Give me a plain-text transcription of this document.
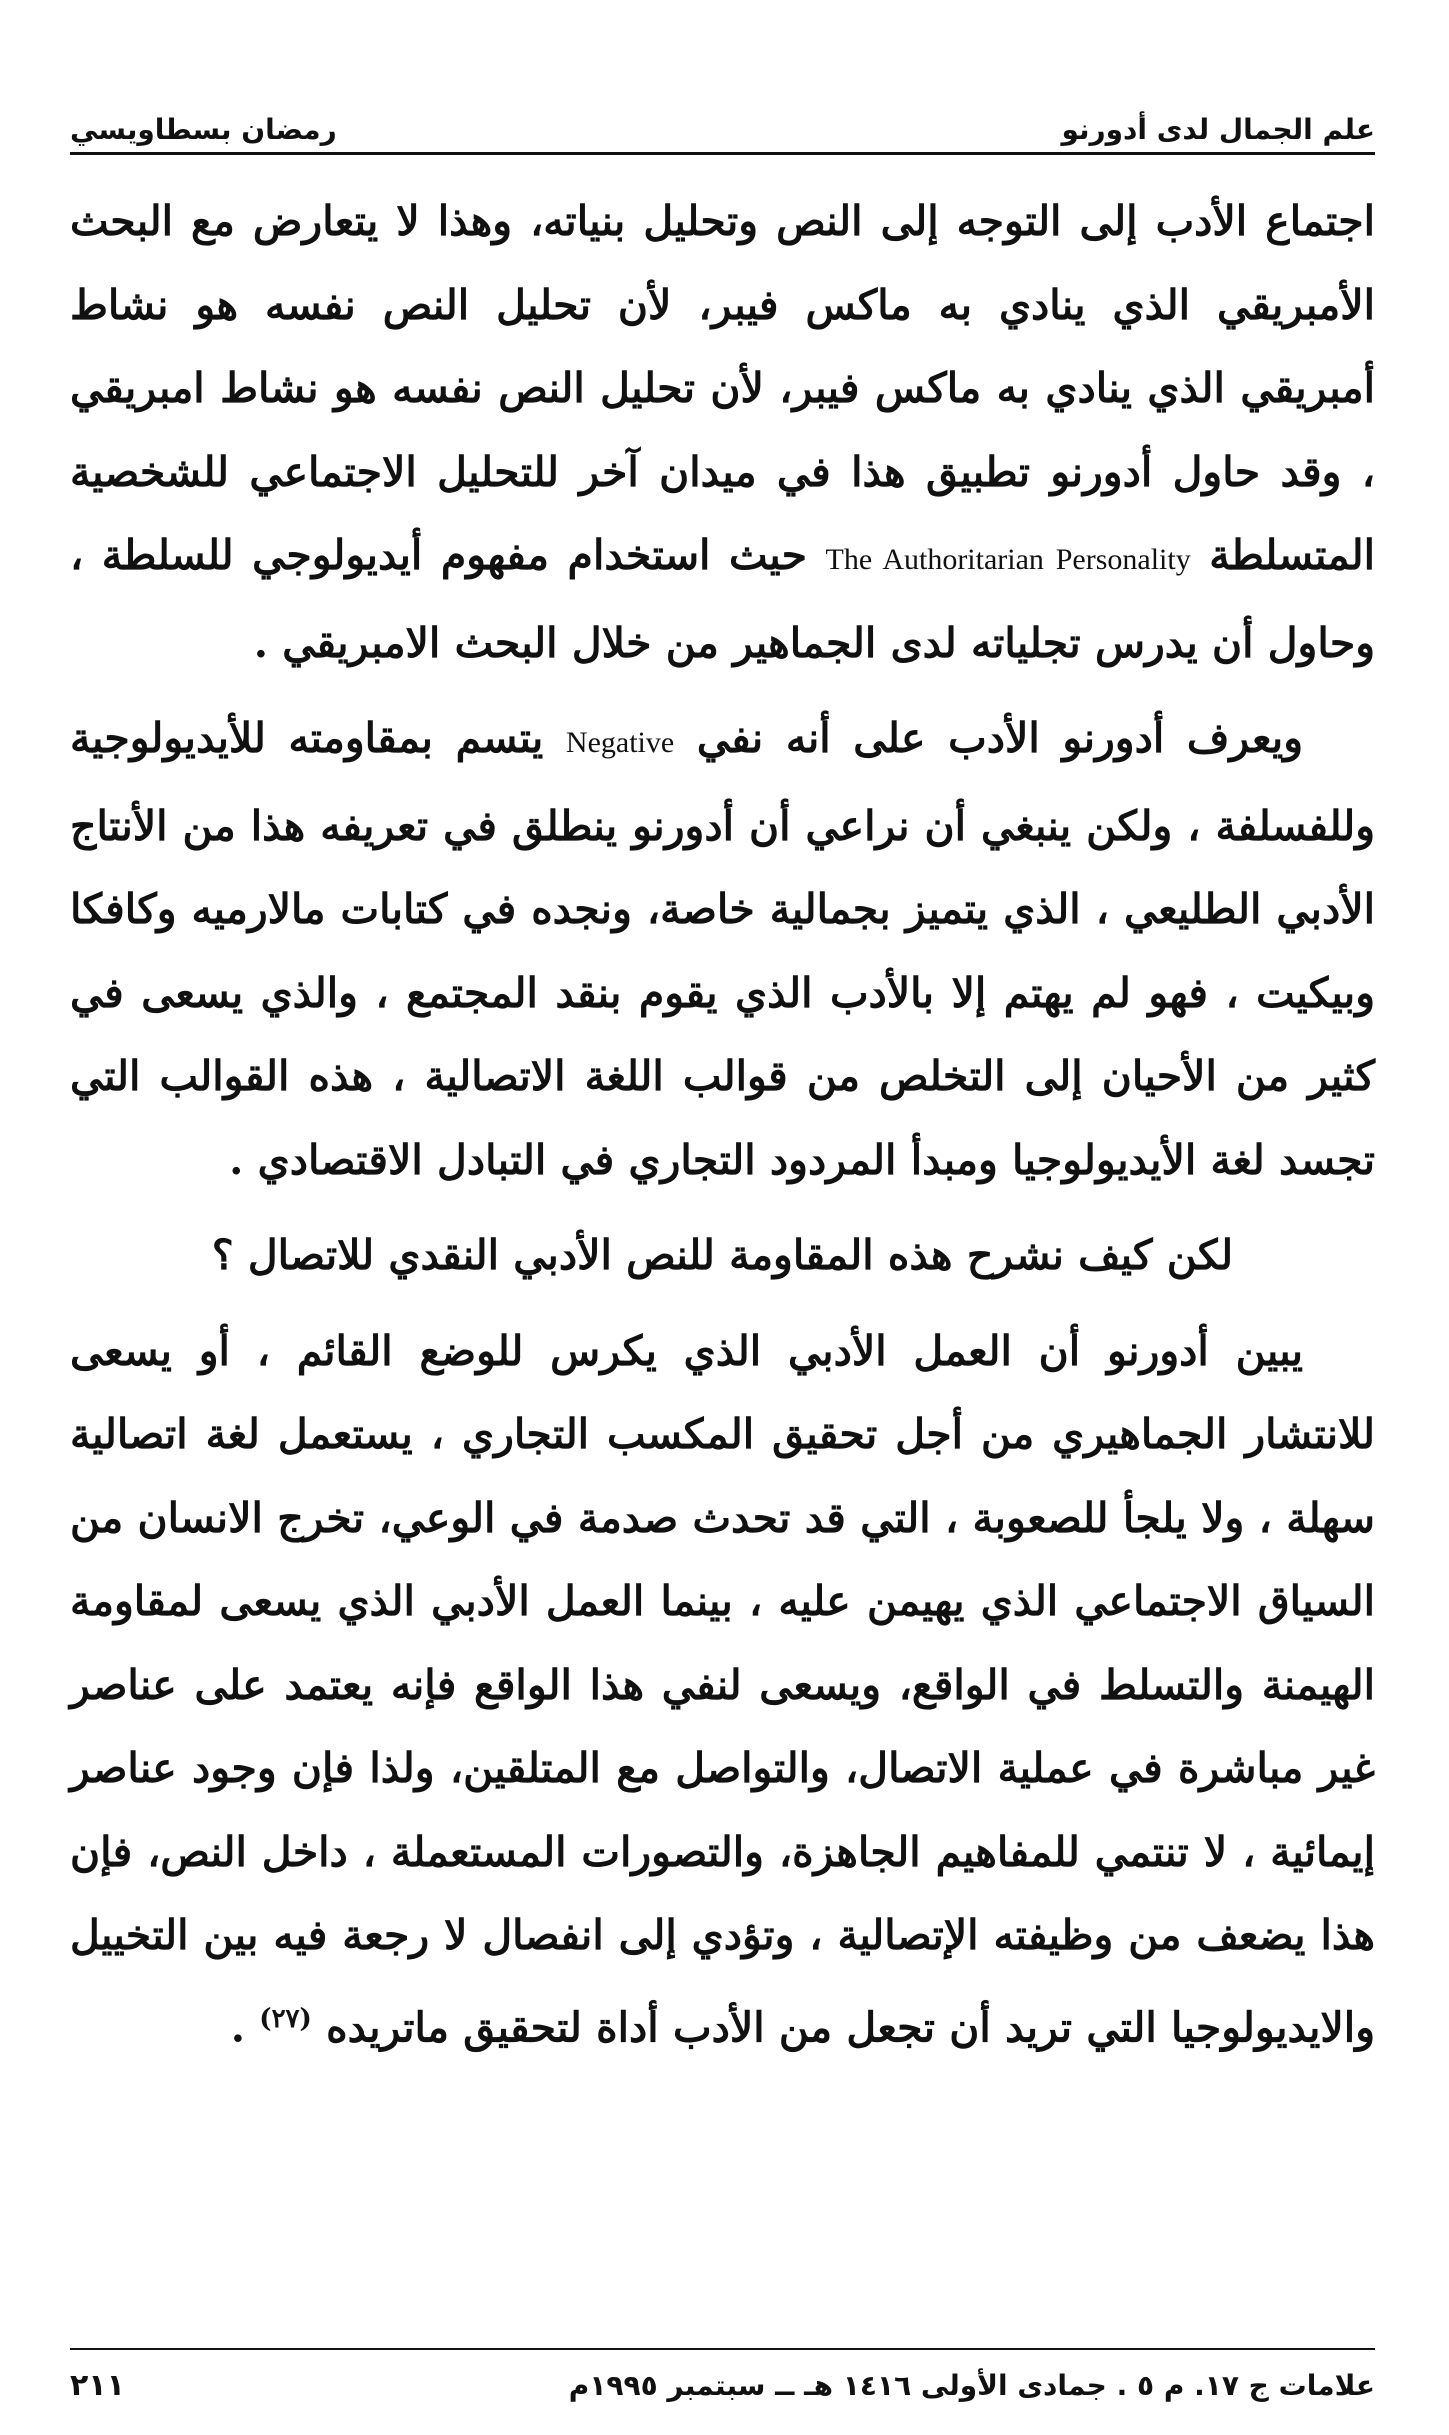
علم الجمال لدى أدورنو
رمضان بسطاويسي

اجتماع الأدب إلى التوجه إلى النص وتحليل بنياته، وهذا لا يتعارض مع البحث الأمبريقي الذي ينادي به ماكس فيبر، لأن تحليل النص نفسه هو نشاط أمبريقي الذي ينادي به ماكس فيبر، لأن تحليل النص نفسه هو نشاط امبريقي ، وقد حاول أدورنو تطبيق هذا في ميدان آخر للتحليل الاجتماعي للشخصية المتسلطة The Authoritarian Personality حيث استخدام مفهوم أيديولوجي للسلطة ، وحاول أن يدرس تجلياته لدى الجماهير من خلال البحث الامبريقي .

ويعرف أدورنو الأدب على أنه نفي Negative يتسم بمقاومته للأيديولوجية وللفسلفة ، ولكن ينبغي أن نراعي أن أدورنو ينطلق في تعريفه هذا من الأنتاج الأدبي الطليعي ، الذي يتميز بجمالية خاصة، ونجده في كتابات مالارميه وكافكا وبيكيت ، فهو لم يهتم إلا بالأدب الذي يقوم بنقد المجتمع ، والذي يسعى في كثير من الأحيان إلى التخلص من قوالب اللغة الاتصالية ، هذه القوالب التي تجسد لغة الأيديولوجيا ومبدأ المردود التجاري في التبادل الاقتصادي .

لكن كيف نشرح هذه المقاومة للنص الأدبي النقدي للاتصال ؟

يبين أدورنو أن العمل الأدبي الذي يكرس للوضع القائم ، أو يسعى للانتشار الجماهيري من أجل تحقيق المكسب التجاري ، يستعمل لغة اتصالية سهلة ، ولا يلجأ للصعوبة ، التي قد تحدث صدمة في الوعي، تخرج الانسان من السياق الاجتماعي الذي يهيمن عليه ، بينما العمل الأدبي الذي يسعى لمقاومة الهيمنة والتسلط في الواقع، ويسعى لنفي هذا الواقع فإنه يعتمد على عناصر غير مباشرة في عملية الاتصال، والتواصل مع المتلقين، ولذا فإن وجود عناصر إيمائية ، لا تنتمي للمفاهيم الجاهزة، والتصورات المستعملة ، داخل النص، فإن هذا يضعف من وظيفته الإتصالية ، وتؤدي إلى انفصال لا رجعة فيه بين التخييل والايديولوجيا التي تريد أن تجعل من الأدب أداة لتحقيق ماتريده $^{(٢٧)}$ .

علامات ج ١٧. م ٥ . جمادى الأولى ١٤١٦ هـ ــ سبتمبر ١٩٩٥م
٢١١
